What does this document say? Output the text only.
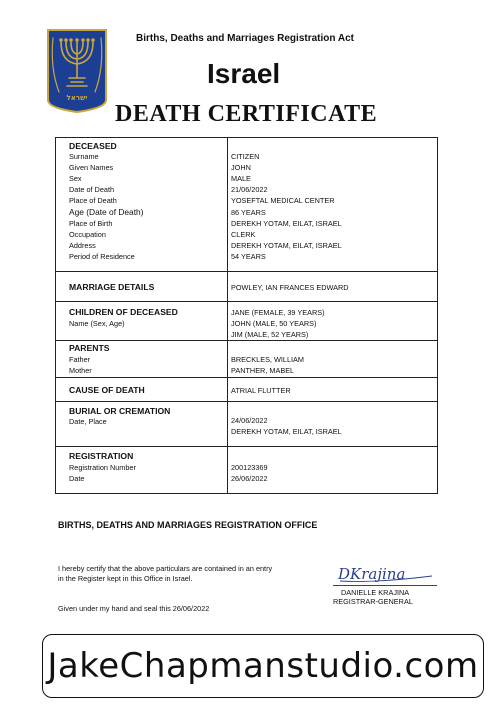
ישראל
Births, Deaths and Marriages Registration Act
Israel
DEATH CERTIFICATE
DECEASED
Surname	CITIZEN
Given Names	JOHN
Sex	MALE
Date of Death	21/06/2022
Place of Death	YOSEFTAL MEDICAL CENTER
Age (Date of Death)	86 YEARS
Place of Birth	DEREKH YOTAM, EILAT, ISRAEL
Occupation	CLERK
Address	DEREKH YOTAM, EILAT, ISRAEL
Period of Residence	54 YEARS
MARRIAGE DETAILS	POWLEY, IAN FRANCES EDWARD
CHILDREN OF DECEASED
Name (Sex, Age)
JANE (FEMALE, 39 YEARS)
JOHN (MALE, 50 YEARS)
JIM (MALE, 52 YEARS)
PARENTS
Father	BRECKLES, WILLIAM
Mother	PANTHER, MABEL
CAUSE OF DEATH	ATRIAL FLUTTER
BURIAL OR CREMATION
Date, Place	24/06/2022
DEREKH YOTAM, EILAT, ISRAEL
REGISTRATION
Registration Number	200123369
Date	26/06/2022
BIRTHS, DEATHS AND MARRIAGES REGISTRATION OFFICE
I hereby certify that the above particulars are contained in an entry
in the Register kept in this Office in Israel.	DKrajina
DANIELLE KRAJINA
REGISTRAR-GENERAL
Given under my hand and seal this 26/06/2022
JakeChapmanstudio.com
